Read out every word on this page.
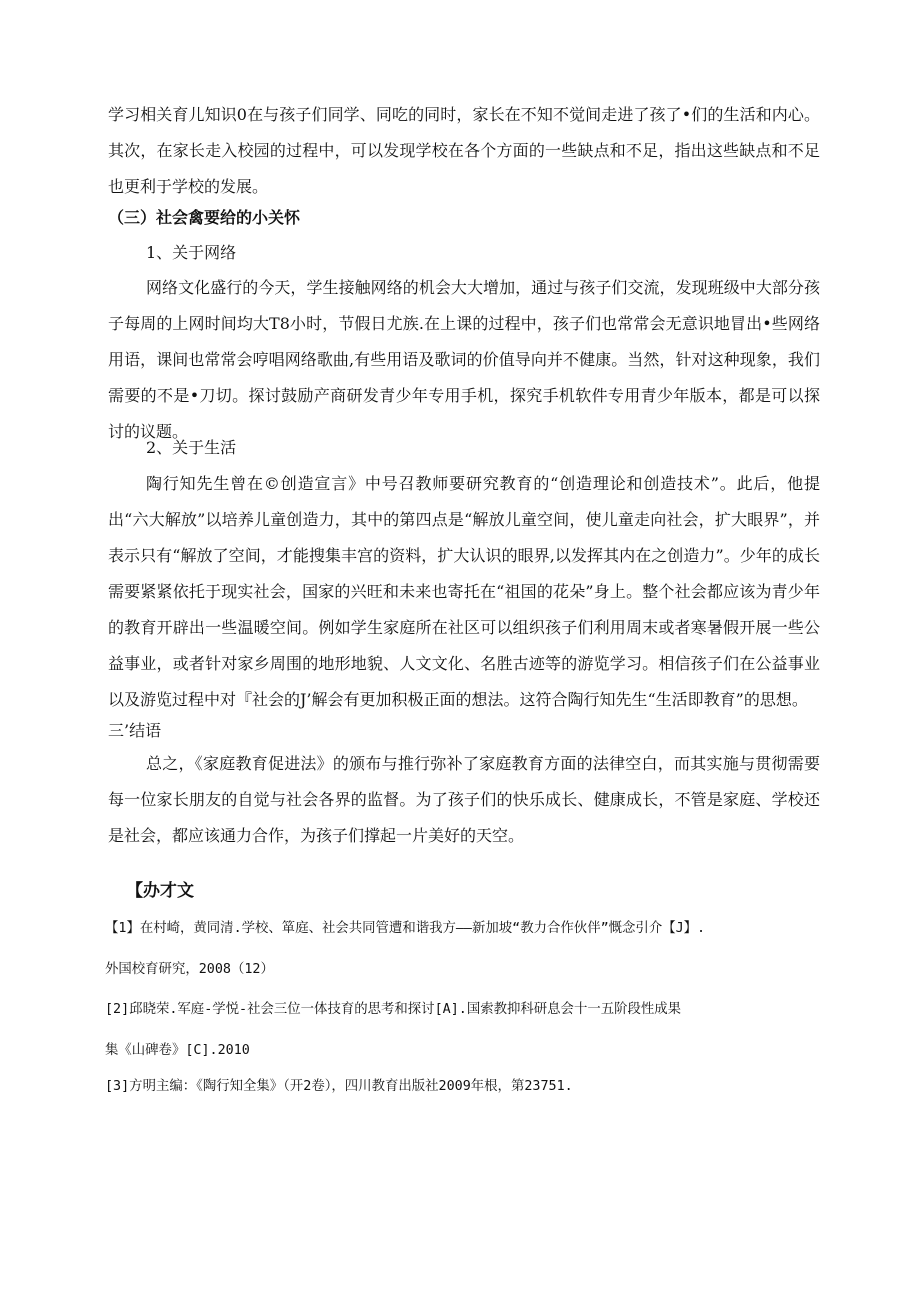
学习相关育儿知识0在与孩子们同学、同吃的同时，家长在不知不觉间走进了孩了•们的生活和内心。其次，在家长走入校园的过程中，可以发现学校在各个方面的一些缺点和不足，指出这些缺点和不足也更利于学校的发展。

（三）社会禽要给的小关怀

1、关于网络

网络文化盛行的今天，学生接触网络的机会大大增加，通过与孩子们交流，发现班级中大部分孩子每周的上网时间均大T8小时，节假日尤族.在上课的过程中，孩子们也常常会无意识地冒出•些网络用语，课间也常常会哼唱网络歌曲,有些用语及歌词的价值导向并不健康。当然，针对这种现象，我们需要的不是•刀切。探讨鼓励产商研发青少年专用手机，探究手机软件专用青少年版本，都是可以探讨的议题。

2、关于生活

陶行知先生曾在©创造宣言》中号召教师要研究教育的“创造理论和创造技术”。此后，他提出“六大解放”以培养儿童创造力，其中的第四点是“解放儿童空间，使儿童走向社会，扩大眼界”，并表示只有“解放了空间，才能搜集丰宫的资料，扩大认识的眼界,以发挥其内在之创造力”。少年的成长需要紧紧依托于现实社会，国家的兴旺和未来也寄托在“祖国的花朵”身上。整个社会都应该为青少年的教育开辟出一些温暖空间。例如学生家庭所在社区可以组织孩子们利用周末或者寒暑假开展一些公益事业，或者针对家乡周围的地形地貌、人文文化、名胜古迹等的游览学习。相信孩子们在公益事业以及游览过程中对『社会的J’解会有更加积极正面的想法。这符合陶行知先生“生活即教育”的思想。

三’结语

总之，《家庭教育促进法》的颁布与推行弥补了家庭教育方面的法律空白，而其实施与贯彻需要每一位家长朋友的自觉与社会各界的监督。为了孩子们的快乐成长、健康成长，不管是家庭、学校还是社会，都应该通力合作，为孩子们撑起一片美好的天空。

【办才文

【1】在村崎，黄同清.学校、箪庭、社会共同管遭和谐我方——新加坡“教力合作伙伴”慨念引介【J】.

外国校育研究，2008（12）

[2]邱晓荣.军庭-学悦-社会三位一体技育的思考和探讨[A].国索教抑科研息会十一五阶段性成果

集《山碑卷》[C].2010

[3]方明主编：《陶行知全集》（开2卷），四川教育出版社2009年根，第23751.
